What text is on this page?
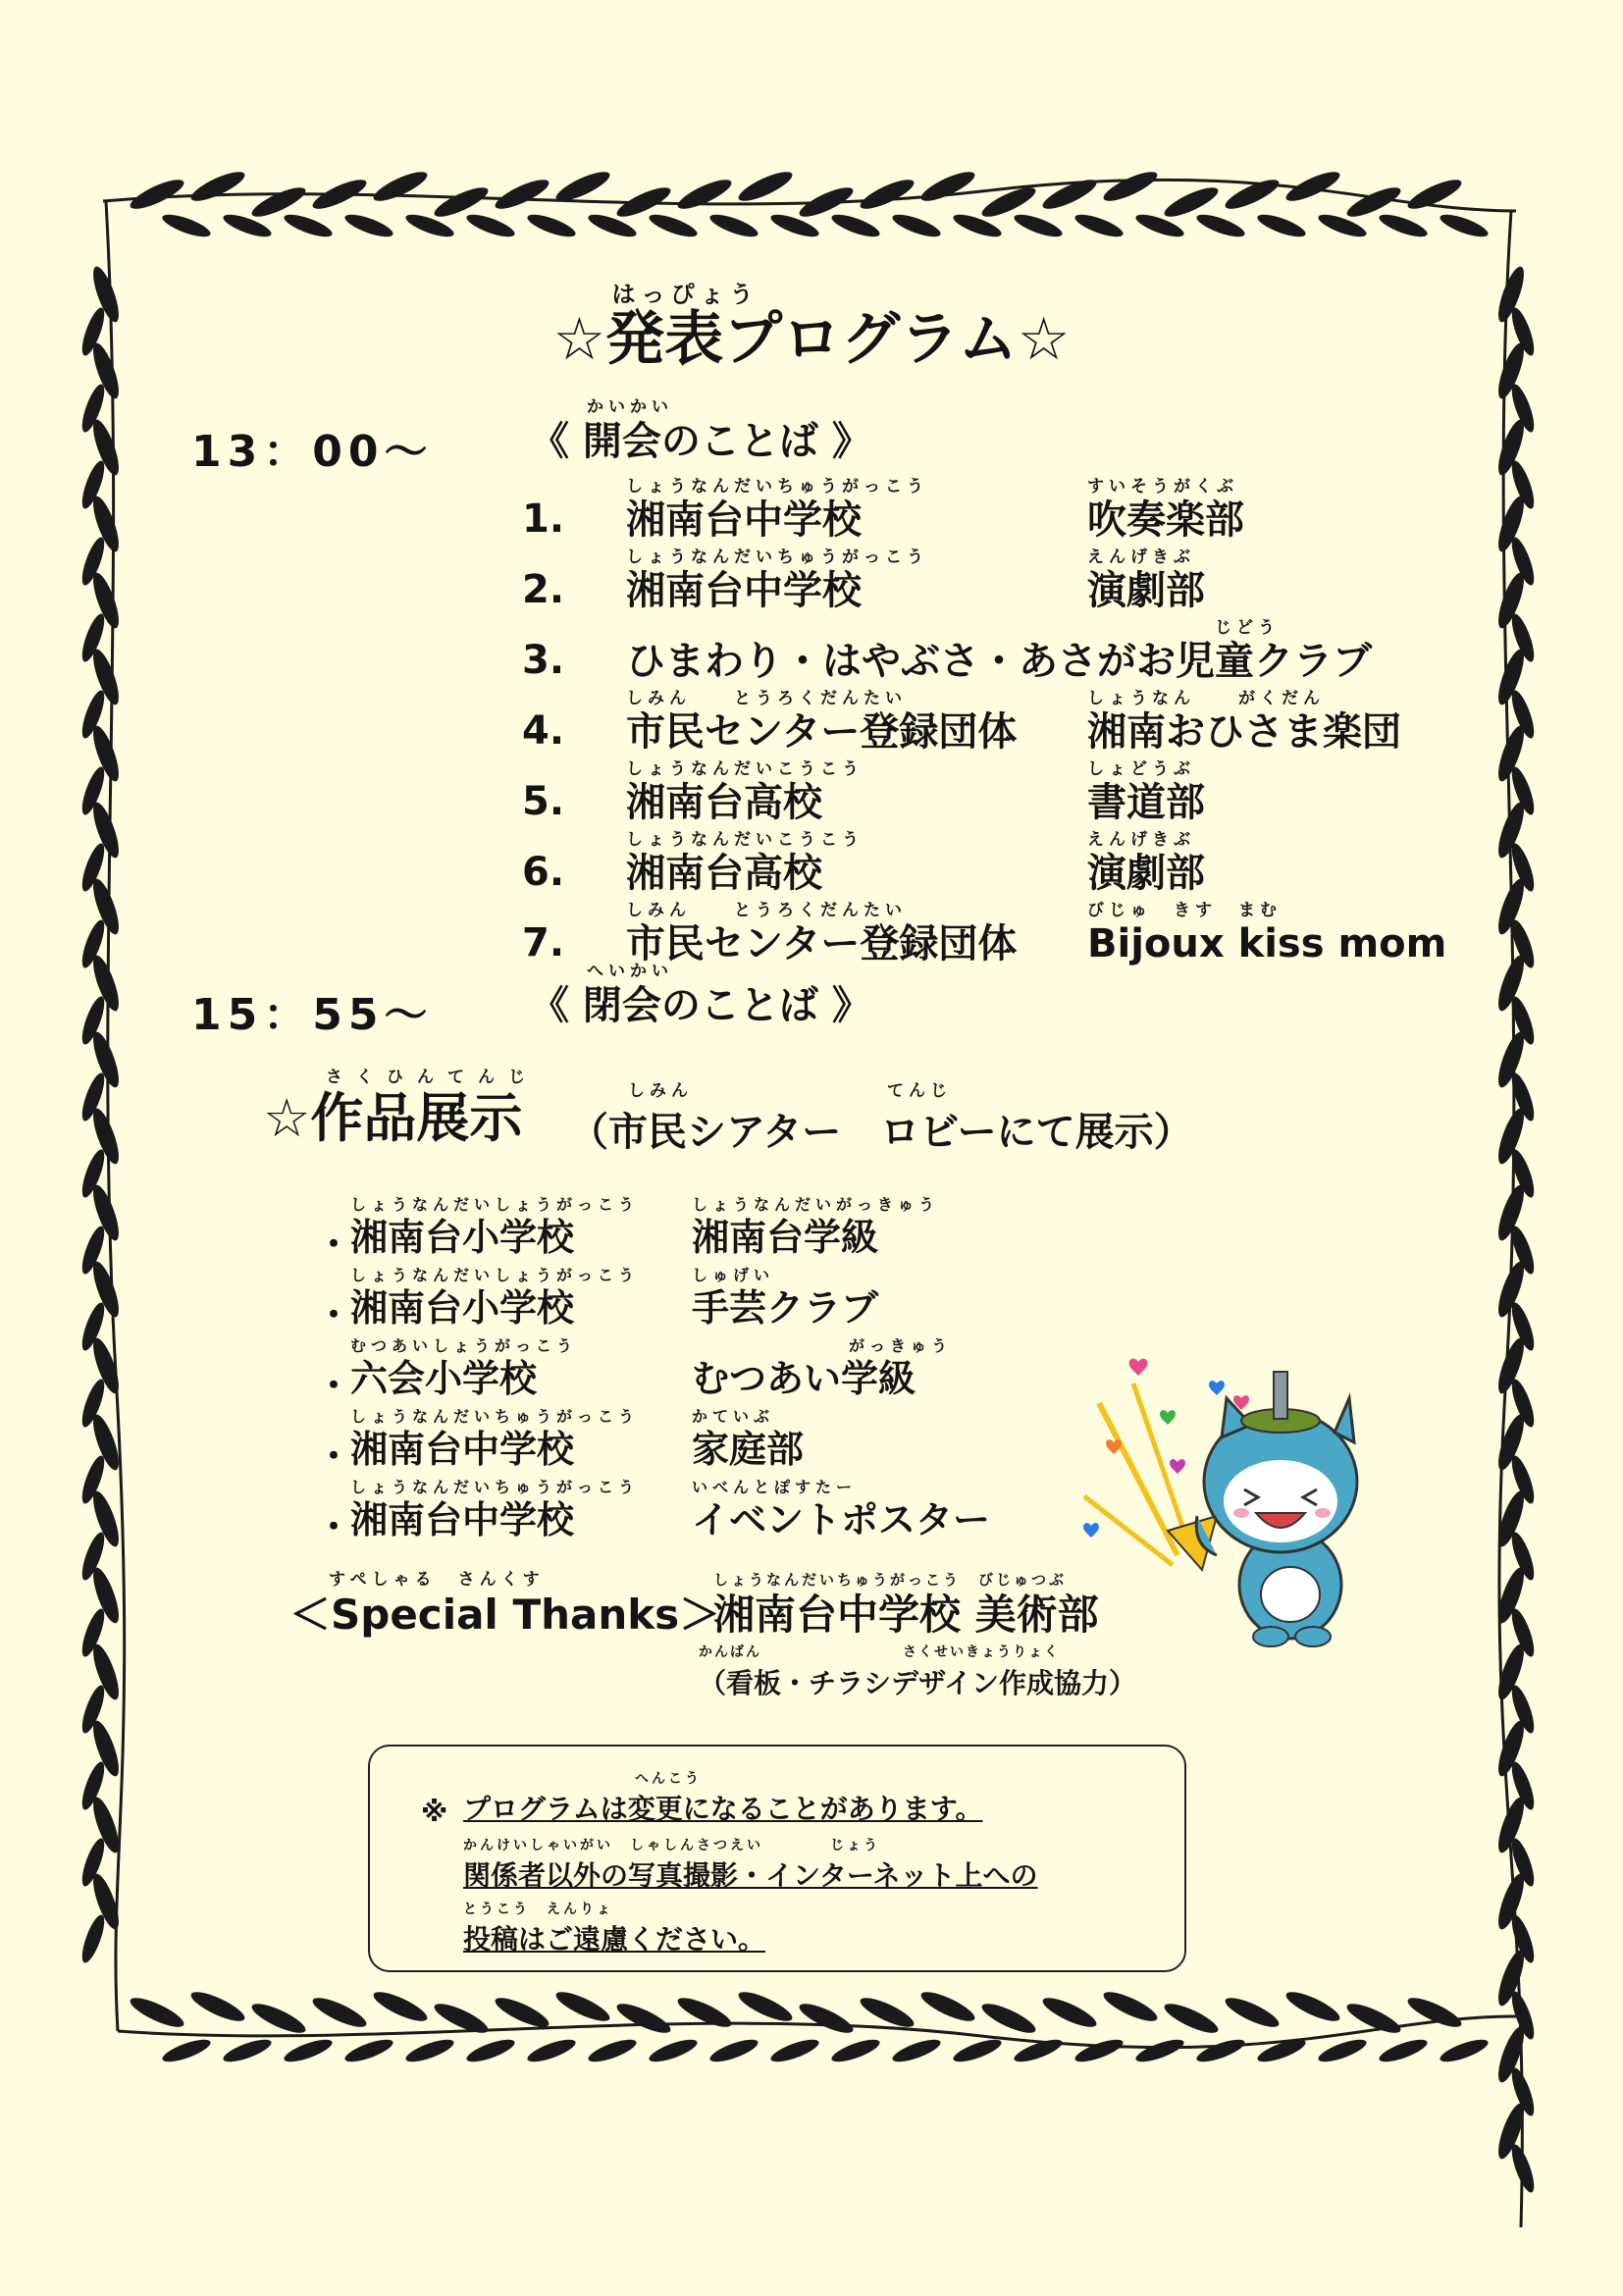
はっぴょう
☆発表プログラム☆
13：00～
かいかい
《 開会のことば 》
1.
しょうなんだいちゅうがっこう
湘南台中学校
すいそうがくぶ
吹奏楽部
2.
しょうなんだいちゅうがっこう
湘南台中学校
えんげきぶ
演劇部
3.
じどう
ひまわり・はやぶさ・あさがお児童クラブ
4.
しみん　　とうろくだんたい
市民センター登録団体
しょうなん　　がくだん
湘南おひさま楽団
5.
しょうなんだいこうこう
湘南台高校
しょどうぶ
書道部
6.
しょうなんだいこうこう
湘南台高校
えんげきぶ
演劇部
7.
しみん　　とうろくだんたい
市民センター登録団体
びじゅ　きす　まむ
Bijoux kiss mom
15：55～
へいかい
《 閉会のことば 》
さくひんてんじ
☆作品展示	しみん　　　　　　　　　てんじ
（市民シアター　ロビーにて展示）
・
しょうなんだいしょうがっこう
湘南台小学校
しょうなんだいがっきゅう
湘南台学級
・
しょうなんだいしょうがっこう
湘南台小学校
しゅげい
手芸クラブ
・
むつあいしょうがっこう
六会小学校
がっきゅう
むつあい学級
・
しょうなんだいちゅうがっこう
湘南台中学校
かていぶ
家庭部
・
しょうなんだいちゅうがっこう
湘南台中学校
いべんとぽすたー
イベントポスター
すぺしゃる　さんくす
＜Special Thanks＞
しょうなんだいちゅうがっこう　びじゅつぶ
湘南台中学校 美術部
かんばん　　　　　　　　　さくせいきょうりょく
（看板・チラシデザイン作成協力）
※
へんこう
プログラムは変更になることがあります。
かんけいしゃいがい　しゃしんさつえい　　　　じょう
関係者以外の写真撮影・インターネット上への
とうこう　えんりょ
投稿はご遠慮ください。
